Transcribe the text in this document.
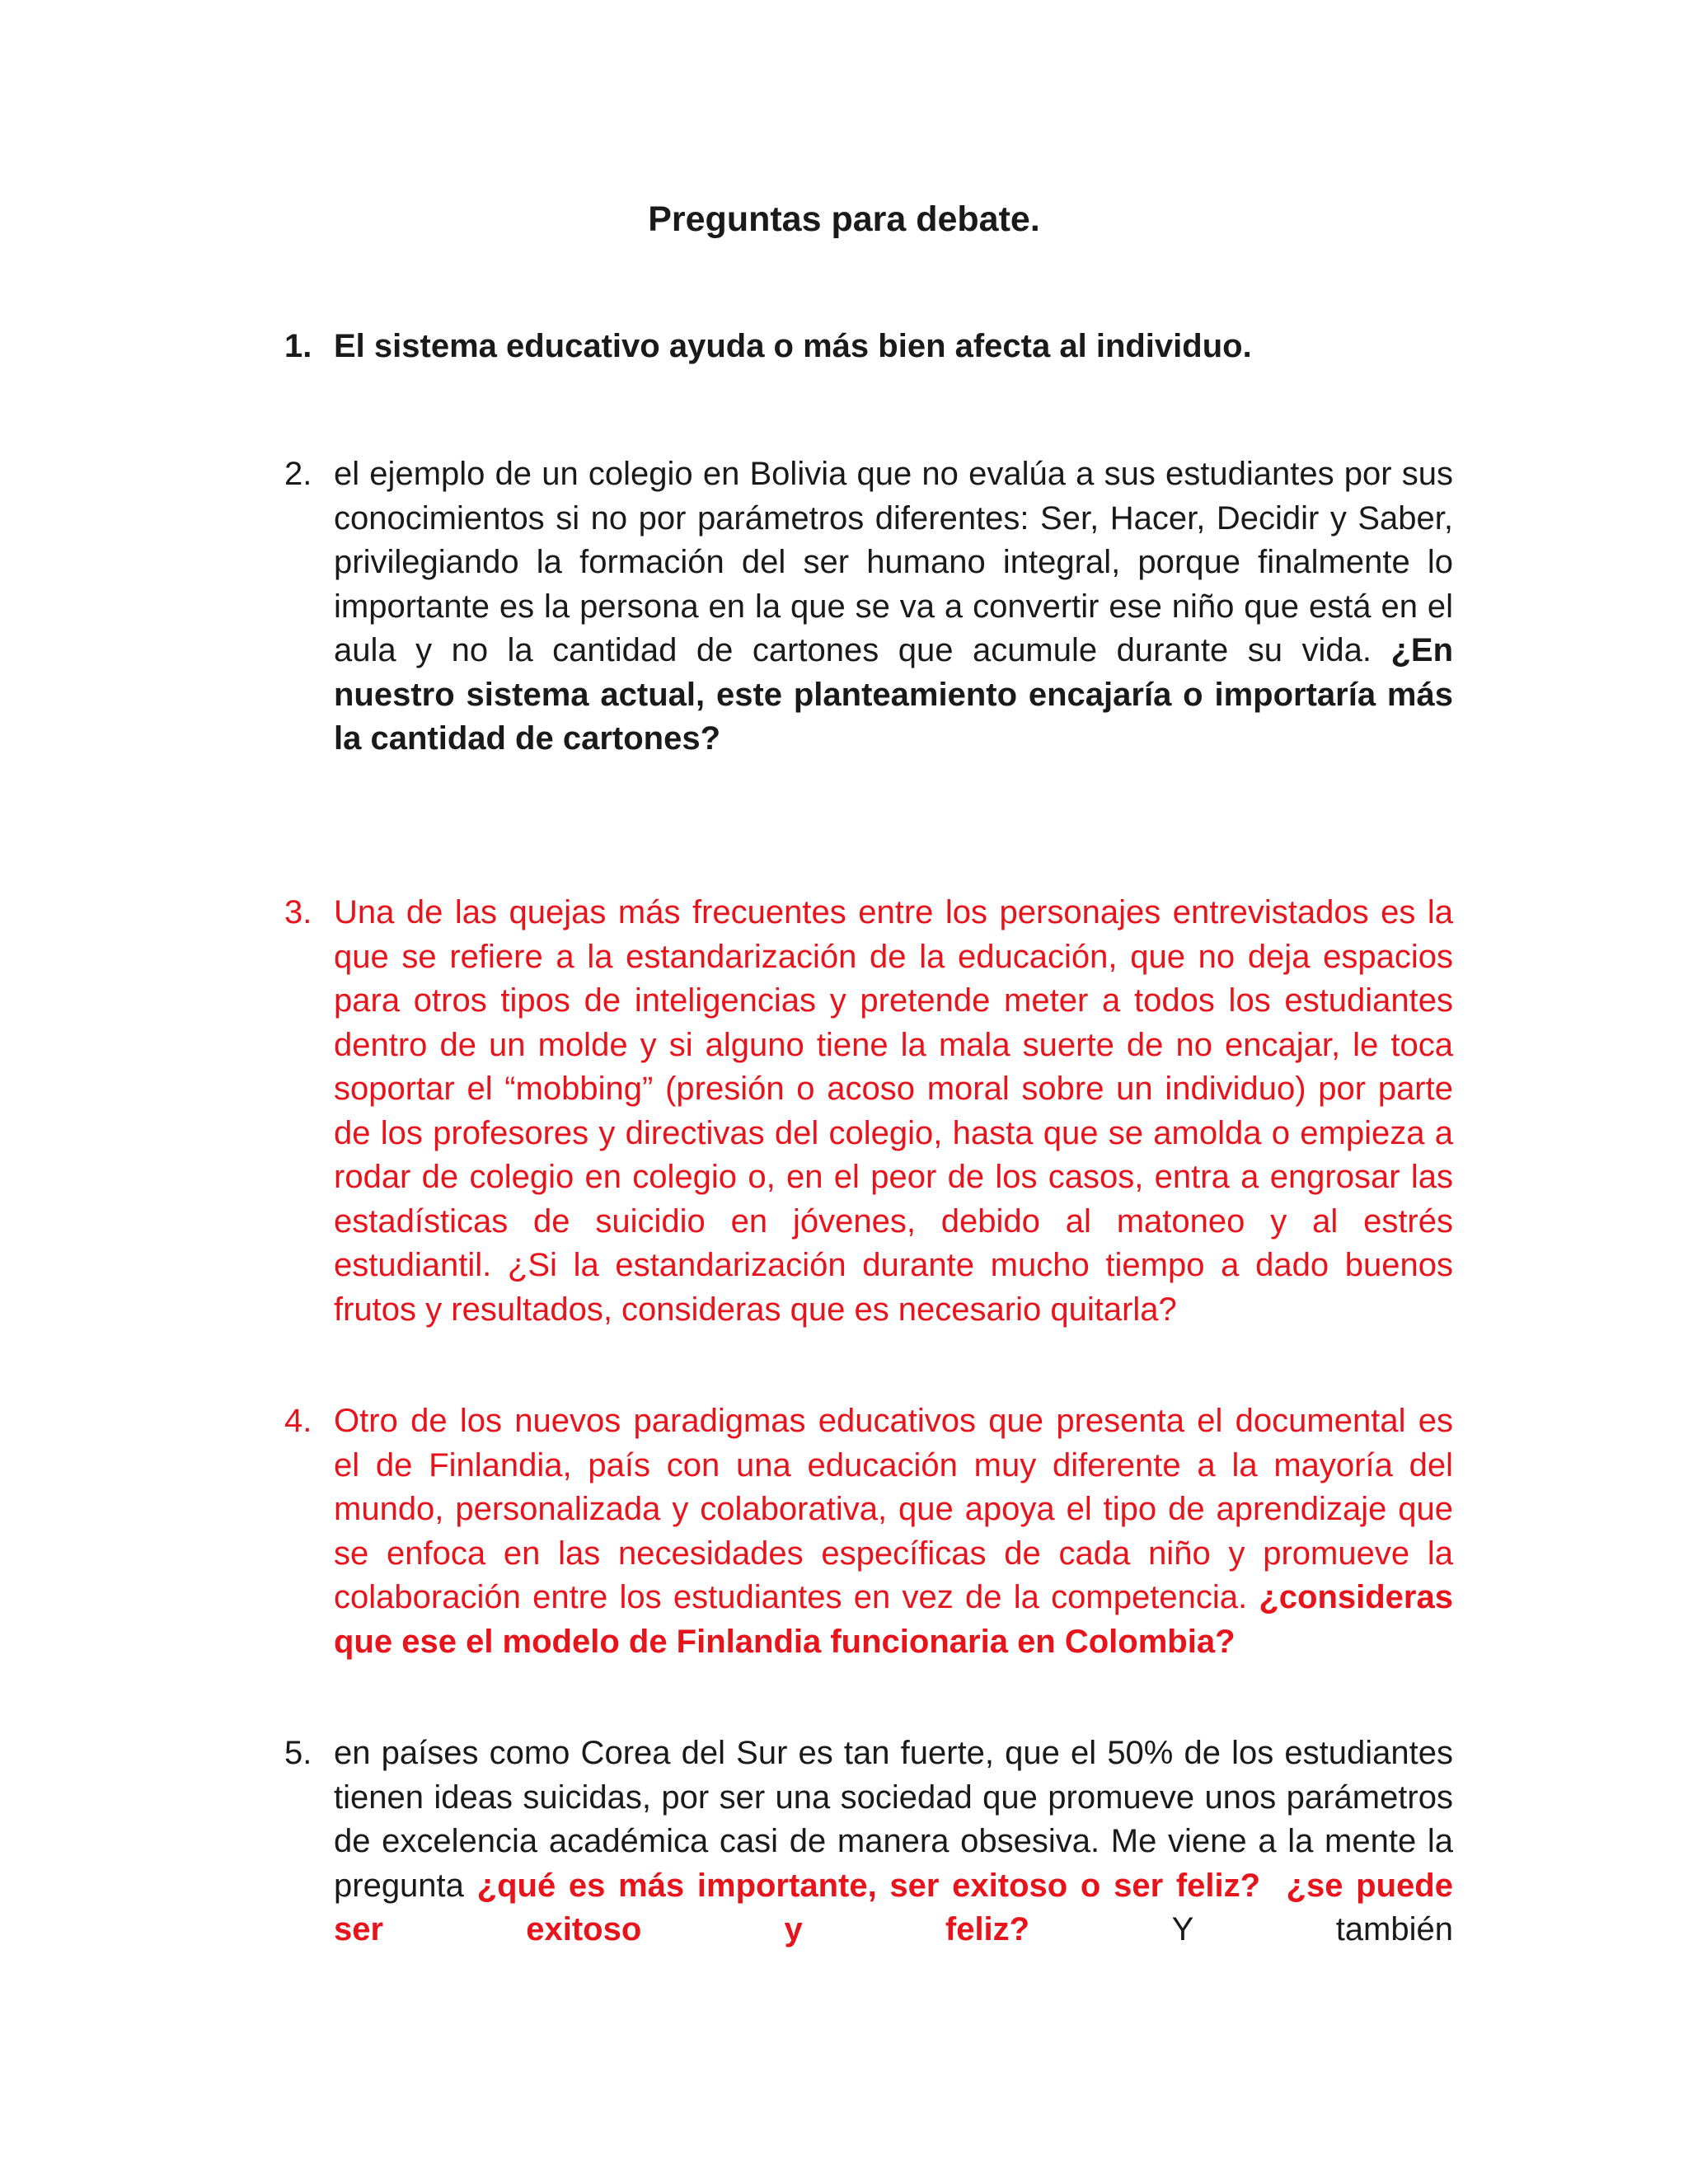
Preguntas para debate.
1. El sistema educativo ayuda o más bien afecta al individuo.

2. el ejemplo de un colegio en Bolivia que no evalúa a sus estudiantes por sus conocimientos si no por parámetros diferentes: Ser, Hacer, Decidir y Saber, privilegiando la formación del ser humano integral, porque finalmente lo importante es la persona en la que se va a convertir ese niño que está en el aula y no la cantidad de cartones que acumule durante su vida. ¿En nuestro sistema actual, este planteamiento encajaría o importaría más la cantidad de cartones?

3. Una de las quejas más frecuentes entre los personajes entrevistados es la que se refiere a la estandarización de la educación, que no deja espacios para otros tipos de inteligencias y pretende meter a todos los estudiantes dentro de un molde y si alguno tiene la mala suerte de no encajar, le toca soportar el “mobbing” (presión o acoso moral sobre un individuo) por parte de los profesores y directivas del colegio, hasta que se amolda o empieza a rodar de colegio en colegio o, en el peor de los casos, entra a engrosar las estadísticas de suicidio en jóvenes, debido al matoneo y al estrés estudiantil. ¿Si la estandarización durante mucho tiempo a dado buenos frutos y resultados, consideras que es necesario quitarla?

4. Otro de los nuevos paradigmas educativos que presenta el documental es el de Finlandia, país con una educación muy diferente a la mayoría del mundo, personalizada y colaborativa, que apoya el tipo de aprendizaje que se enfoca en las necesidades específicas de cada niño y promueve la colaboración entre los estudiantes en vez de la competencia. ¿consideras que ese el modelo de Finlandia funcionaria en Colombia?

5. en países como Corea del Sur es tan fuerte, que el 50% de los estudiantes tienen ideas suicidas, por ser una sociedad que promueve unos parámetros de excelencia académica casi de manera obsesiva. Me viene a la mente la pregunta ¿qué es más importante, ser exitoso o ser feliz? ¿se puede ser exitoso y feliz?	Y también
